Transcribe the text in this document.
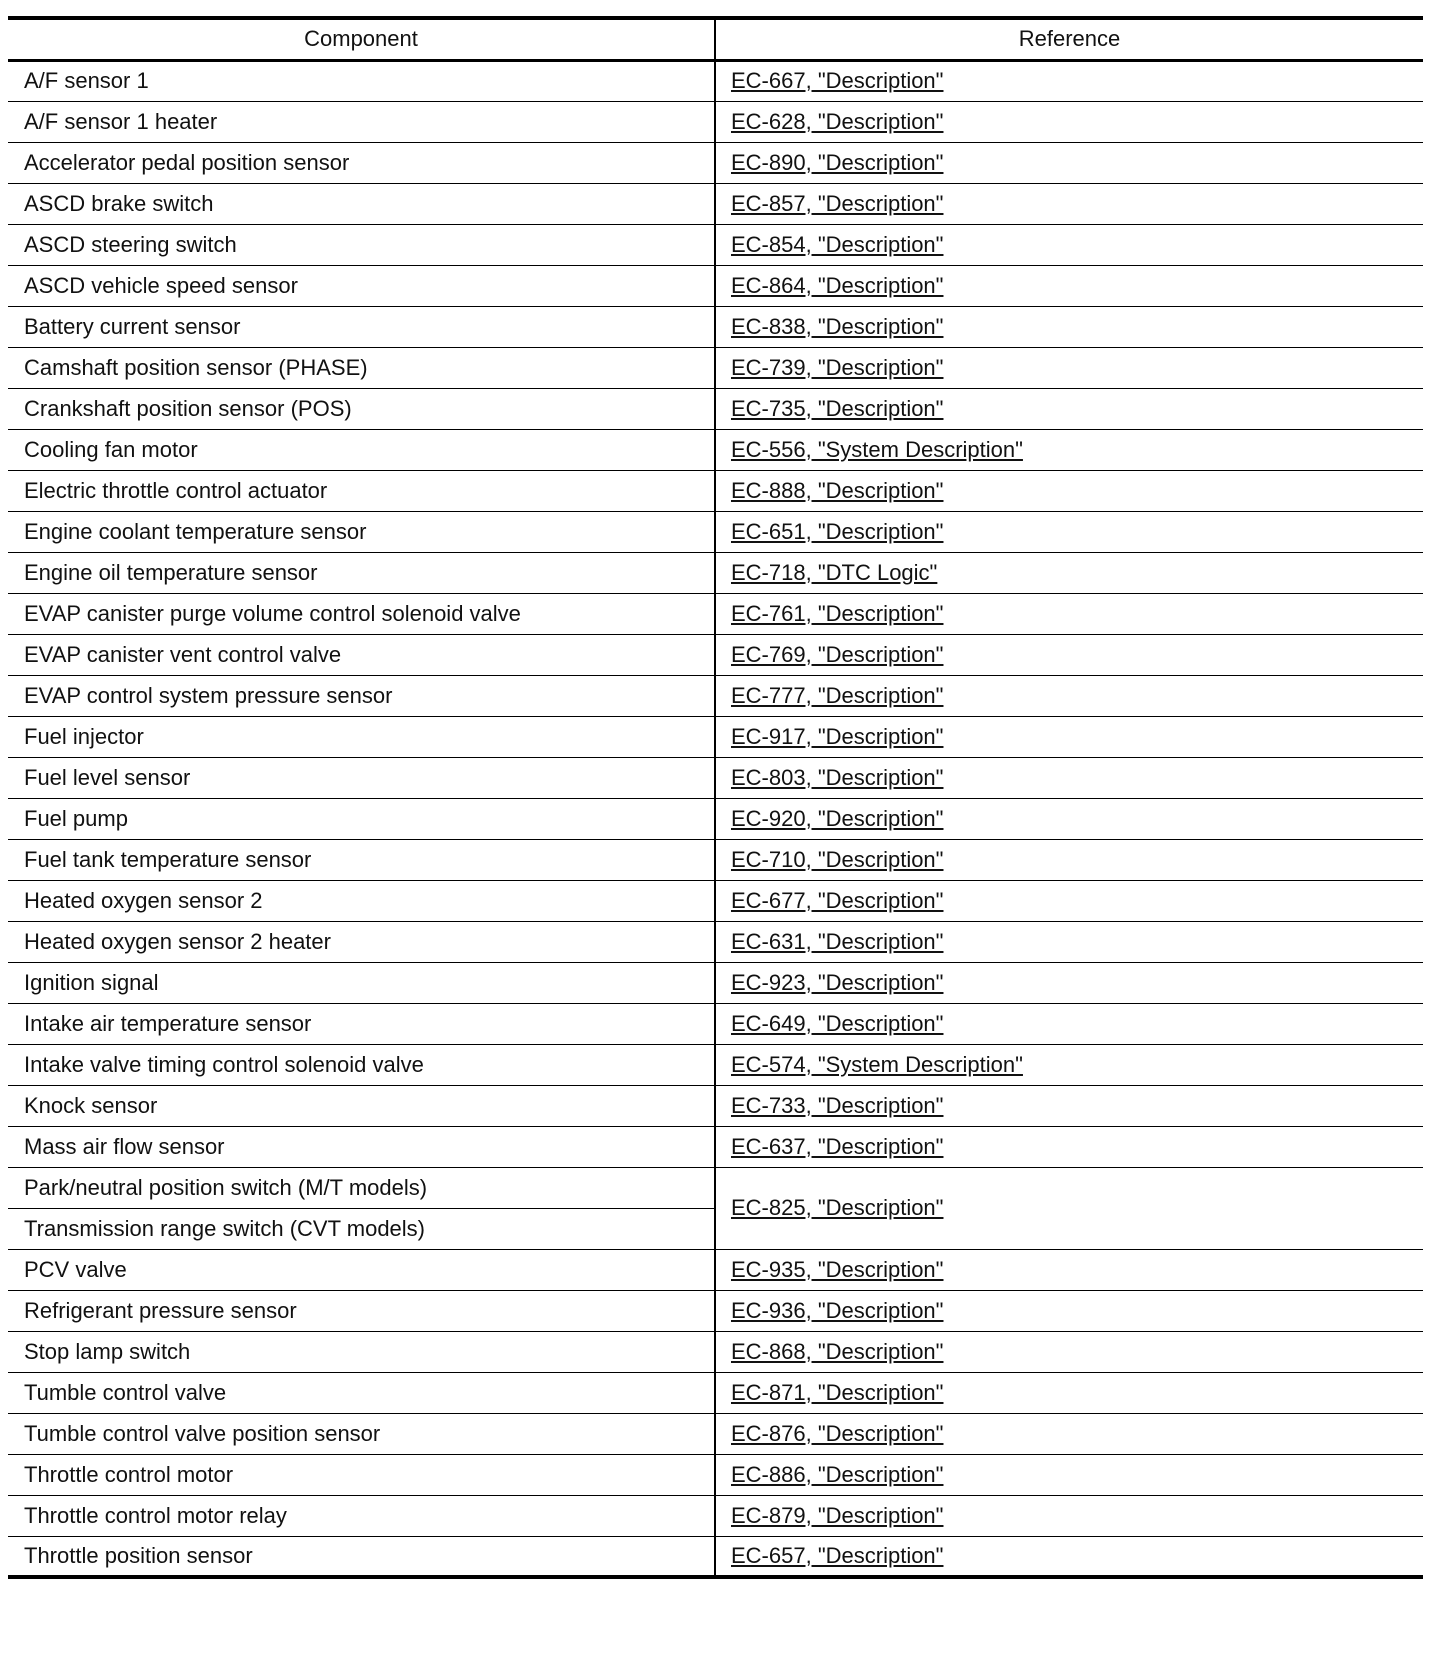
Component	Reference
A/F sensor 1	EC-667, "Description"
A/F sensor 1 heater	EC-628, "Description"
Accelerator pedal position sensor	EC-890, "Description"
ASCD brake switch	EC-857, "Description"
ASCD steering switch	EC-854, "Description"
ASCD vehicle speed sensor	EC-864, "Description"
Battery current sensor	EC-838, "Description"
Camshaft position sensor (PHASE)	EC-739, "Description"
Crankshaft position sensor (POS)	EC-735, "Description"
Cooling fan motor	EC-556, "System Description"
Electric throttle control actuator	EC-888, "Description"
Engine coolant temperature sensor	EC-651, "Description"
Engine oil temperature sensor	EC-718, "DTC Logic"
EVAP canister purge volume control solenoid valve	EC-761, "Description"
EVAP canister vent control valve	EC-769, "Description"
EVAP control system pressure sensor	EC-777, "Description"
Fuel injector	EC-917, "Description"
Fuel level sensor	EC-803, "Description"
Fuel pump	EC-920, "Description"
Fuel tank temperature sensor	EC-710, "Description"
Heated oxygen sensor 2	EC-677, "Description"
Heated oxygen sensor 2 heater	EC-631, "Description"
Ignition signal	EC-923, "Description"
Intake air temperature sensor	EC-649, "Description"
Intake valve timing control solenoid valve	EC-574, "System Description"
Knock sensor	EC-733, "Description"
Mass air flow sensor	EC-637, "Description"
Park/neutral position switch (M/T models)	EC-825, "Description"
Transmission range switch (CVT models)	
PCV valve	EC-935, "Description"
Refrigerant pressure sensor	EC-936, "Description"
Stop lamp switch	EC-868, "Description"
Tumble control valve	EC-871, "Description"
Tumble control valve position sensor	EC-876, "Description"
Throttle control motor	EC-886, "Description"
Throttle control motor relay	EC-879, "Description"
Throttle position sensor	EC-657, "Description"
